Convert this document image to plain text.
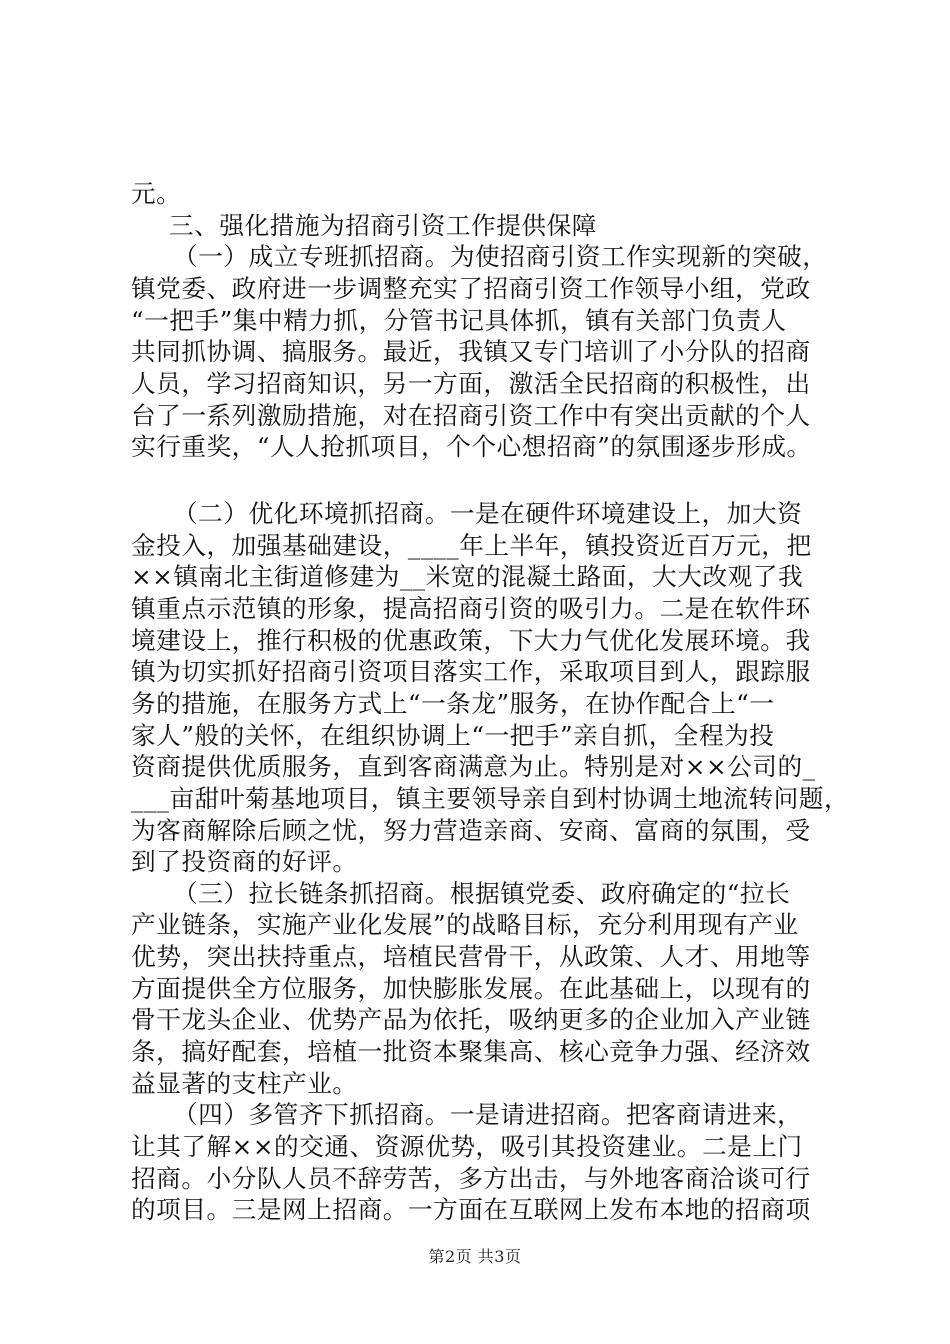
元。
三、强化措施为招商引资工作提供保障
（一）成立专班抓招商。为使招商引资工作实现新的突破，
镇党委、政府进一步调整充实了招商引资工作领导小组，党政
“一把手”集中精力抓，分管书记具体抓，镇有关部门负责人
共同抓协调、搞服务。最近，我镇又专门培训了小分队的招商
人员，学习招商知识，另一方面，激活全民招商的积极性，出
台了一系列激励措施，对在招商引资工作中有突出贡献的个人
实行重奖，“人人抢抓项目，个个心想招商”的氛围逐步形成。
（二）优化环境抓招商。一是在硬件环境建设上，加大资
金投入，加强基础建设，____年上半年，镇投资近百万元，把
××镇南北主街道修建为__米宽的混凝土路面，大大改观了我
镇重点示范镇的形象，提高招商引资的吸引力。二是在软件环
境建设上，推行积极的优惠政策，下大力气优化发展环境。我
镇为切实抓好招商引资项目落实工作，采取项目到人，跟踪服
务的措施，在服务方式上“一条龙”服务，在协作配合上“一
家人”般的关怀，在组织协调上“一把手”亲自抓，全程为投
资商提供优质服务，直到客商满意为止。特别是对××公司的_
___亩甜叶菊基地项目，镇主要领导亲自到村协调土地流转问题，
为客商解除后顾之忧，努力营造亲商、安商、富商的氛围，受
到了投资商的好评。
（三）拉长链条抓招商。根据镇党委、政府确定的“拉长
产业链条，实施产业化发展”的战略目标，充分利用现有产业
优势，突出扶持重点，培植民营骨干，从政策、人才、用地等
方面提供全方位服务，加快膨胀发展。在此基础上，以现有的
骨干龙头企业、优势产品为依托，吸纳更多的企业加入产业链
条，搞好配套，培植一批资本聚集高、核心竞争力强、经济效
益显著的支柱产业。
（四）多管齐下抓招商。一是请进招商。把客商请进来，
让其了解××的交通、资源优势，吸引其投资建业。二是上门
招商。小分队人员不辞劳苦，多方出击，与外地客商洽谈可行
的项目。三是网上招商。一方面在互联网上发布本地的招商项
第2页 共3页
